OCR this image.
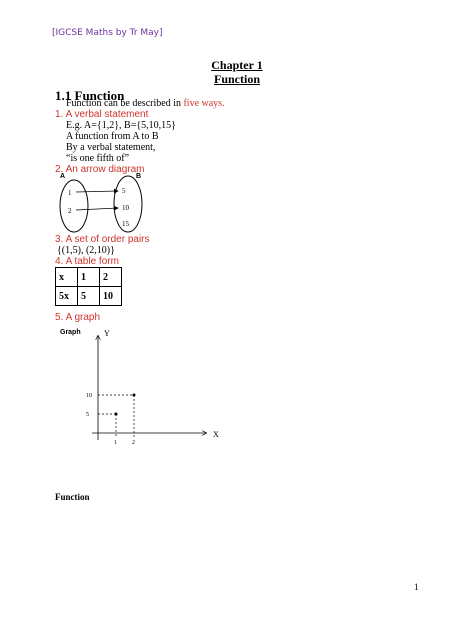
[IGCSE Maths by Tr May]
Chapter 1
Function
1.1 Function
Function can be described in five ways.
1. A verbal statement
E.g. A={1,2}, B={5,10,15}
A function from A to B
By a verbal statement,
“is one fifth of”
2. An arrow diagram
A	B
1
2
5
10
15
3. A set of order pairs
{(1,5), (2,10)}
4. A table form
x	1	2
5x	5	10
5. A graph
Graph	Y
X
10
5
1	2
Function
1
